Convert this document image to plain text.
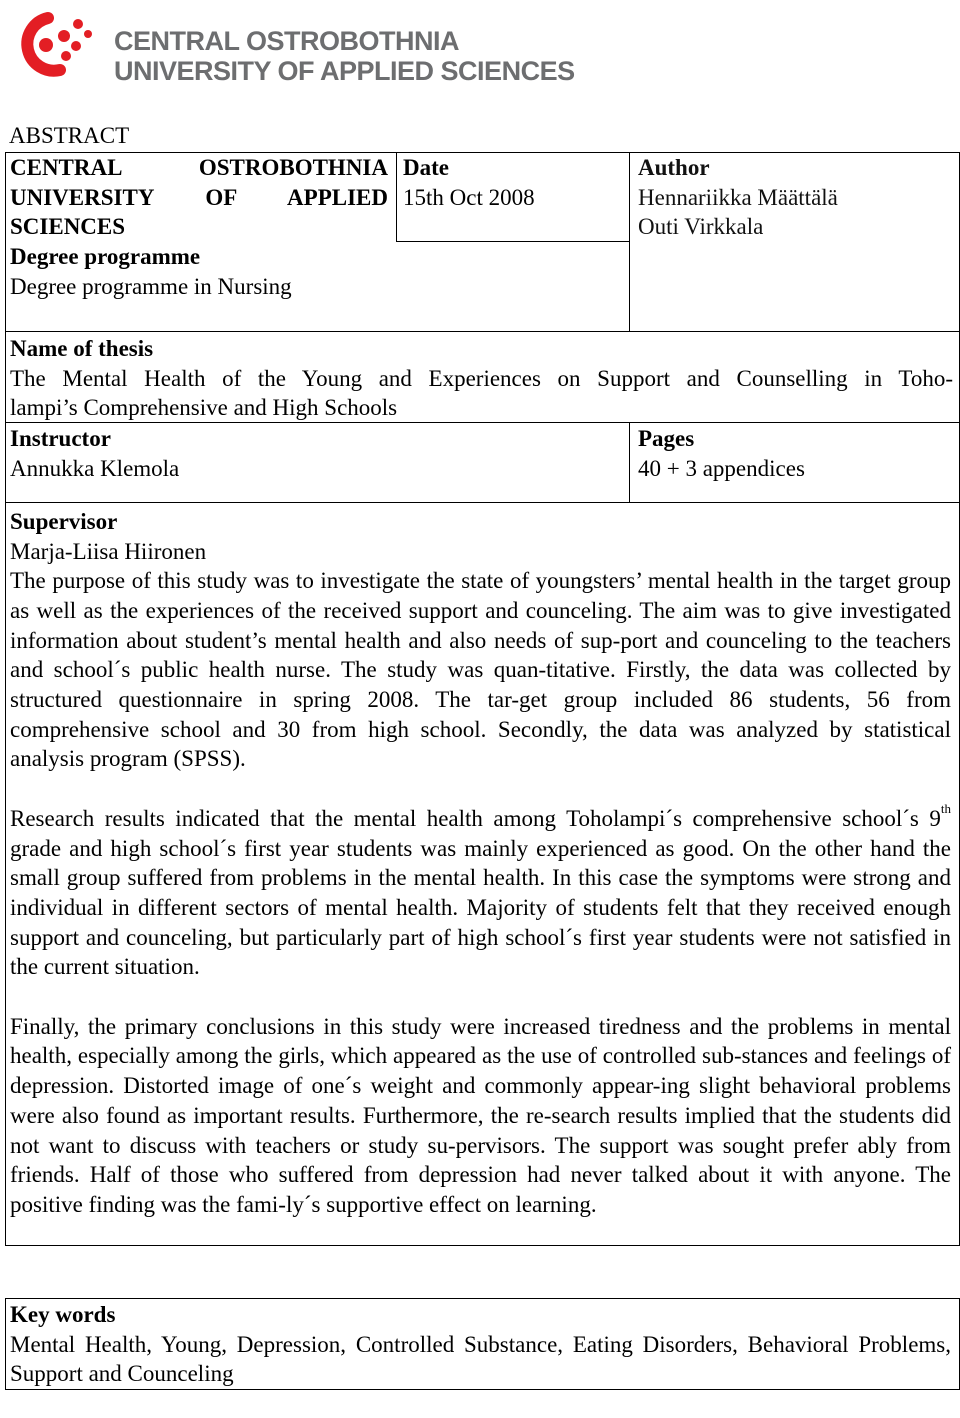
CENTRAL OSTROBOTHNIA
UNIVERSITY OF APPLIED SCIENCES
ABSTRACT
CENTRAL OSTROBOTHNIA
UNIVERSITY OF APPLIED
SCIENCES
Date
15th Oct 2008
Author
Hennariikka Määttälä
Outi Virkkala
Degree programme
Degree programme in Nursing
Name of thesis
The Mental Health of the Young and Experiences on Support and Counselling in Toho-
lampi’s Comprehensive and High Schools
Instructor
Annukka Klemola
Pages
40 + 3 appendices
Supervisor
Marja-Liisa Hiironen

The purpose of this study was to investigate the state of youngsters’ mental health in the target group as well as the experiences of the received support and counceling. The aim was to give investigated information about student’s mental health and also needs of sup-port and counceling to the teachers and school´s public health nurse. The study was quan-titative. Firstly, the data was collected by structured questionnaire in spring 2008. The tar-get group included 86 students, 56 from comprehensive school and 30 from high school. Secondly, the data was analyzed by statistical analysis program (SPSS).

Research results indicated that the mental health among Toholampi´s comprehensive school´s 9th grade and high school´s first year students was mainly experienced as good. On the other hand the small group suffered from problems in the mental health. In this case the symptoms were strong and individual in different sectors of mental health. Majority of students felt that they received enough support and counceling, but particularly part of high school´s first year students were not satisfied in the current situation.

Finally, the primary conclusions in this study were increased tiredness and the problems in mental health, especially among the girls, which appeared as the use of controlled sub-stances and feelings of depression. Distorted image of one´s weight and commonly appear-ing slight behavioral problems were also found as important results. Furthermore, the re-search results implied that the students did not want to discuss with teachers or study su-pervisors. The support was sought prefer ably from friends. Half of those who suffered from depression had never talked about it with anyone. The positive finding was the fami-ly´s supportive effect on learning.

Key words

Mental Health, Young, Depression, Controlled Substance, Eating Disorders, Behavioral Problems, Support and Counceling
